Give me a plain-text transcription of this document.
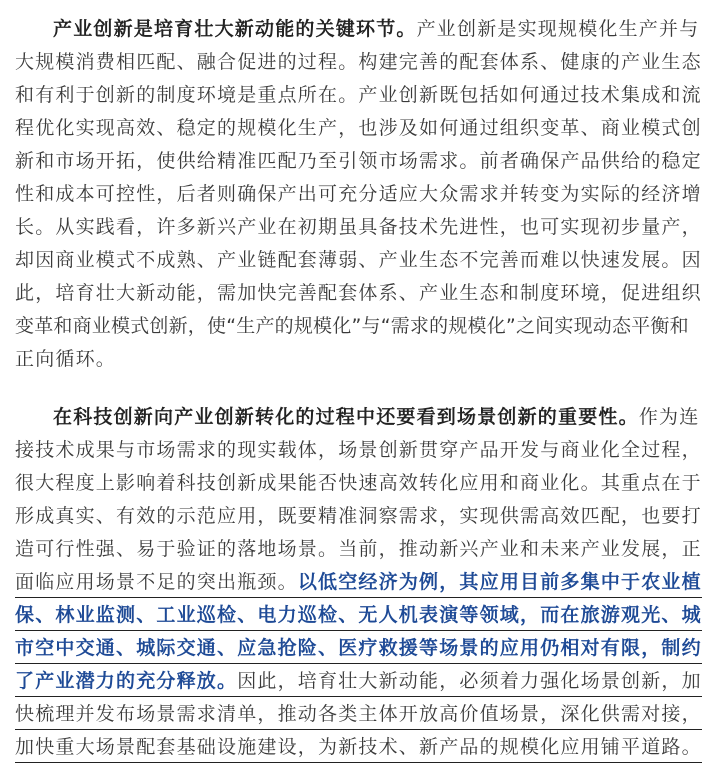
产业创新是培育壮大新动能的关键环节。产业创新是实现规模化生产并与
大规模消费相匹配、融合促进的过程。构建完善的配套体系、健康的产业生态
和有利于创新的制度环境是重点所在。产业创新既包括如何通过技术集成和流
程优化实现高效、稳定的规模化生产，也涉及如何通过组织变革、商业模式创
新和市场开拓，使供给精准匹配乃至引领市场需求。前者确保产品供给的稳定
性和成本可控性，后者则确保产出可充分适应大众需求并转变为实际的经济增
长。从实践看，许多新兴产业在初期虽具备技术先进性，也可实现初步量产，
却因商业模式不成熟、产业链配套薄弱、产业生态不完善而难以快速发展。因
此，培育壮大新动能，需加快完善配套体系、产业生态和制度环境，促进组织
变革和商业模式创新，使“生产的规模化”与“需求的规模化”之间实现动态平衡和
正向循环。
在科技创新向产业创新转化的过程中还要看到场景创新的重要性。作为连
接技术成果与市场需求的现实载体，场景创新贯穿产品开发与商业化全过程，
很大程度上影响着科技创新成果能否快速高效转化应用和商业化。其重点在于
形成真实、有效的示范应用，既要精准洞察需求，实现供需高效匹配，也要打
造可行性强、易于验证的落地场景。当前，推动新兴产业和未来产业发展，正
面临应用场景不足的突出瓶颈。以低空经济为例，其应用目前多集中于农业植
保、林业监测、工业巡检、电力巡检、无人机表演等领域，而在旅游观光、城
市空中交通、城际交通、应急抢险、医疗救援等场景的应用仍相对有限，制约
了产业潜力的充分释放。因此，培育壮大新动能，必须着力强化场景创新，加
快梳理并发布场景需求清单，推动各类主体开放高价值场景，深化供需对接，
加快重大场景配套基础设施建设，为新技术、新产品的规模化应用铺平道路。
